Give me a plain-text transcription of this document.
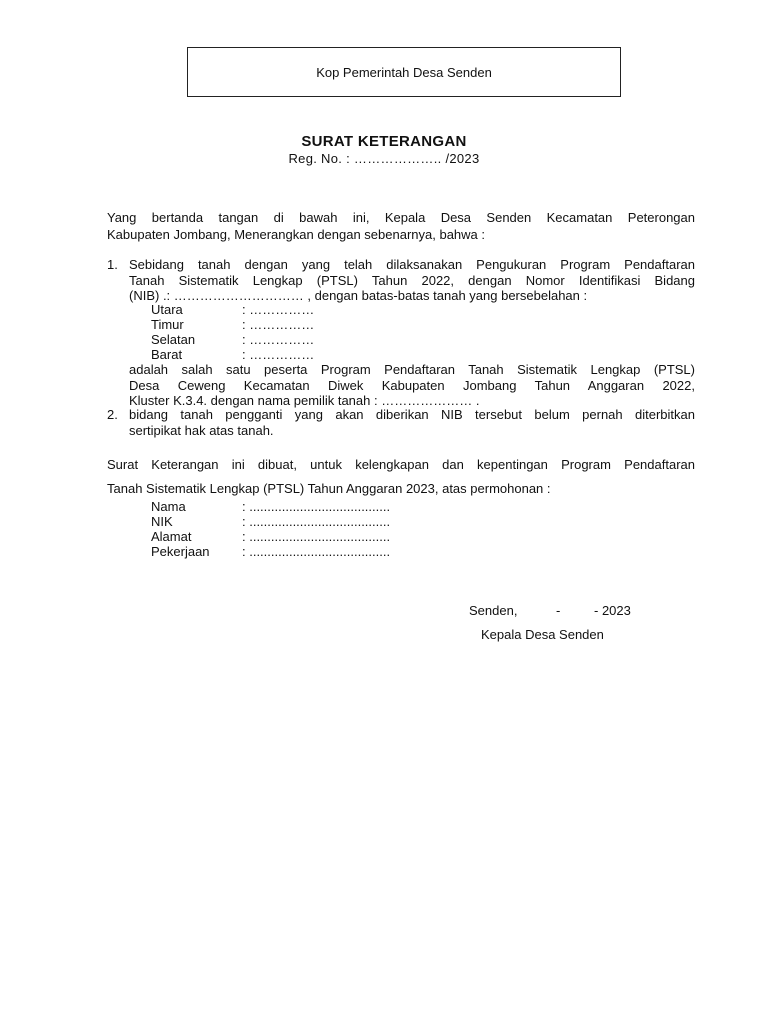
Kop Pemerintah Desa Senden
SURAT KETERANGAN
Reg. No. : ……………….. /2023
Yang bertanda tangan di bawah ini, Kepala Desa Senden Kecamatan Peterongan
Kabupaten Jombang, Menerangkan dengan sebenarnya, bahwa :
1. Sebidang tanah dengan yang telah dilaksanakan Pengukuran Program Pendaftaran
Tanah Sistematik Lengkap (PTSL) Tahun 2022, dengan Nomor Identifikasi Bidang
(NIB) .: ………………………… , dengan batas-batas tanah yang bersebelahan :
Utara	: ……………
Timur	: ……………
Selatan	: ……………
Barat	: ……………
adalah salah satu peserta Program Pendaftaran Tanah Sistematik Lengkap (PTSL)
Desa Ceweng Kecamatan Diwek Kabupaten Jombang Tahun Anggaran 2022,
Kluster K.3.4. dengan nama pemilik tanah : ………………… .
2. bidang tanah pengganti yang akan diberikan NIB tersebut belum pernah diterbitkan
sertipikat hak atas tanah.
Surat Keterangan ini dibuat, untuk kelengkapan dan kepentingan Program Pendaftaran
Tanah Sistematik Lengkap (PTSL) Tahun Anggaran 2023, atas permohonan :
Nama	: .......................................
NIK	: .......................................
Alamat	: .......................................
Pekerjaan : .......................................
Senden,	-	- 2023
Kepala Desa Senden
